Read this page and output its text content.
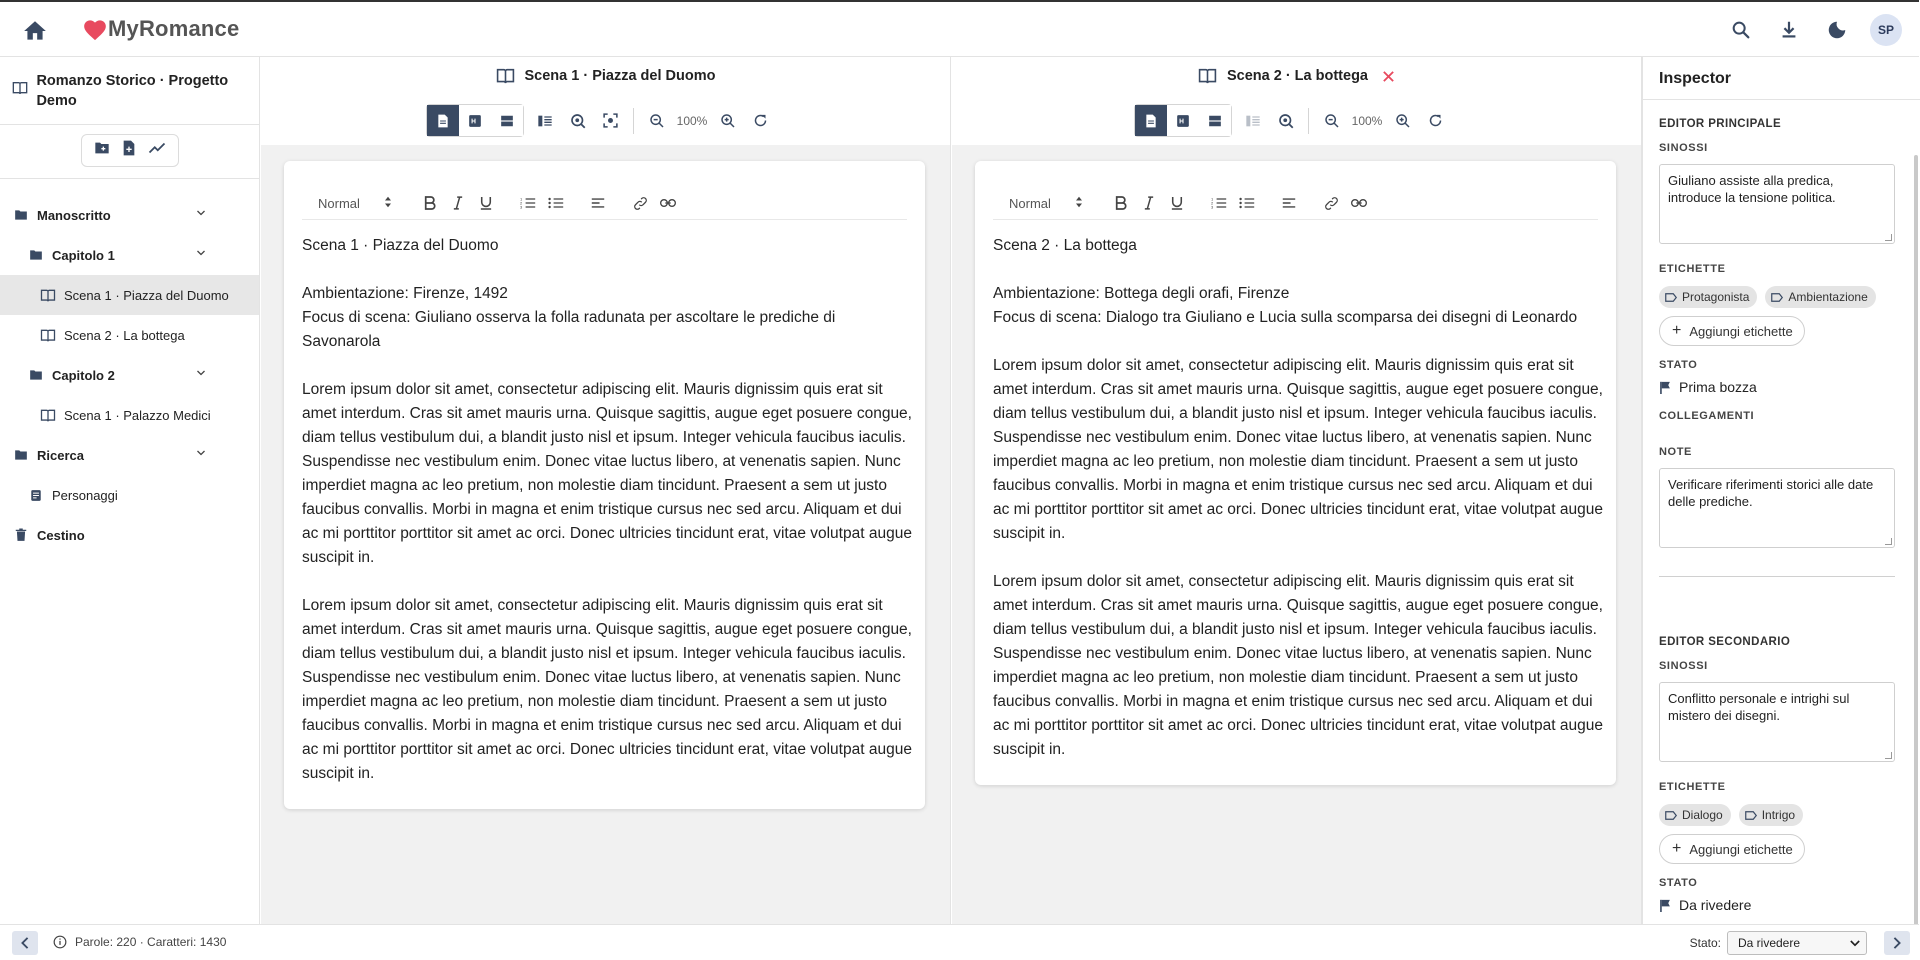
MyRomance	SP
Romanzo Storico · Progetto Demo
Manoscritto
Capitolo 1
Scena 1 · Piazza del Duomo
Scena 2 · La bottega
Capitolo 2
Scena 1 · Palazzo Medici
Ricerca
Personaggi
Cestino
Scena 1 · Piazza del Duomo
100%
Normal	1
2
3

Scena 1 · Piazza del Duomo

Ambientazione: Firenze, 1492
Focus di scena: Giuliano osserva la folla radunata per ascoltare le prediche di Savonarola

Lorem ipsum dolor sit amet, consectetur adipiscing elit. Mauris dignissim quis erat sit amet interdum. Cras sit amet mauris urna. Quisque sagittis, augue eget posuere congue, diam tellus vestibulum dui, a blandit justo nisl et ipsum. Integer vehicula faucibus iaculis. Suspendisse nec vestibulum enim. Donec vitae luctus libero, at venenatis sapien. Nunc imperdiet magna ac leo pretium, non molestie diam tincidunt. Praesent a sem ut justo faucibus convallis. Morbi in magna et enim tristique cursus nec sed arcu. Aliquam et dui ac mi porttitor porttitor sit amet ac orci. Donec ultricies tincidunt erat, vitae volutpat augue suscipit in.

Lorem ipsum dolor sit amet, consectetur adipiscing elit. Mauris dignissim quis erat sit amet interdum. Cras sit amet mauris urna. Quisque sagittis, augue eget posuere congue, diam tellus vestibulum dui, a blandit justo nisl et ipsum. Integer vehicula faucibus iaculis. Suspendisse nec vestibulum enim. Donec vitae luctus libero, at venenatis sapien. Nunc imperdiet magna ac leo pretium, non molestie diam tincidunt. Praesent a sem ut justo faucibus convallis. Morbi in magna et enim tristique cursus nec sed arcu. Aliquam et dui ac mi porttitor porttitor sit amet ac orci. Donec ultricies tincidunt erat, vitae volutpat augue suscipit in.

Scena 2 · La bottega
100%
Normal	1
2
3

Scena 2 · La bottega

Ambientazione: Bottega degli orafi, Firenze
Focus di scena: Dialogo tra Giuliano e Lucia sulla scomparsa dei disegni di Leonardo

Lorem ipsum dolor sit amet, consectetur adipiscing elit. Mauris dignissim quis erat sit amet interdum. Cras sit amet mauris urna. Quisque sagittis, augue eget posuere congue, diam tellus vestibulum dui, a blandit justo nisl et ipsum. Integer vehicula faucibus iaculis. Suspendisse nec vestibulum enim. Donec vitae luctus libero, at venenatis sapien. Nunc imperdiet magna ac leo pretium, non molestie diam tincidunt. Praesent a sem ut justo faucibus convallis. Morbi in magna et enim tristique cursus nec sed arcu. Aliquam et dui ac mi porttitor porttitor sit amet ac orci. Donec ultricies tincidunt erat, vitae volutpat augue suscipit in.

Lorem ipsum dolor sit amet, consectetur adipiscing elit. Mauris dignissim quis erat sit amet interdum. Cras sit amet mauris urna. Quisque sagittis, augue eget posuere congue, diam tellus vestibulum dui, a blandit justo nisl et ipsum. Integer vehicula faucibus iaculis. Suspendisse nec vestibulum enim. Donec vitae luctus libero, at venenatis sapien. Nunc imperdiet magna ac leo pretium, non molestie diam tincidunt. Praesent a sem ut justo faucibus convallis. Morbi in magna et enim tristique cursus nec sed arcu. Aliquam et dui ac mi porttitor porttitor sit amet ac orci. Donec ultricies tincidunt erat, vitae volutpat augue suscipit in.

Inspector
EDITOR PRINCIPALE
SINOSSI
Giuliano assiste alla predica, introduce la tensione politica.
ETICHETTE
Protagonista	Ambientazione
+ Aggiungi etichette
STATO
Prima bozza
COLLEGAMENTI
NOTE
Verificare riferimenti storici alle date delle prediche.
EDITOR SECONDARIO
SINOSSI
Conflitto personale e intrighi sul mistero dei disegni.
ETICHETTE
Dialogo	Intrigo
+ Aggiungi etichette
STATO
Da rivedere
Parole: 220 · Caratteri: 1430	Stato: Da rivedere
